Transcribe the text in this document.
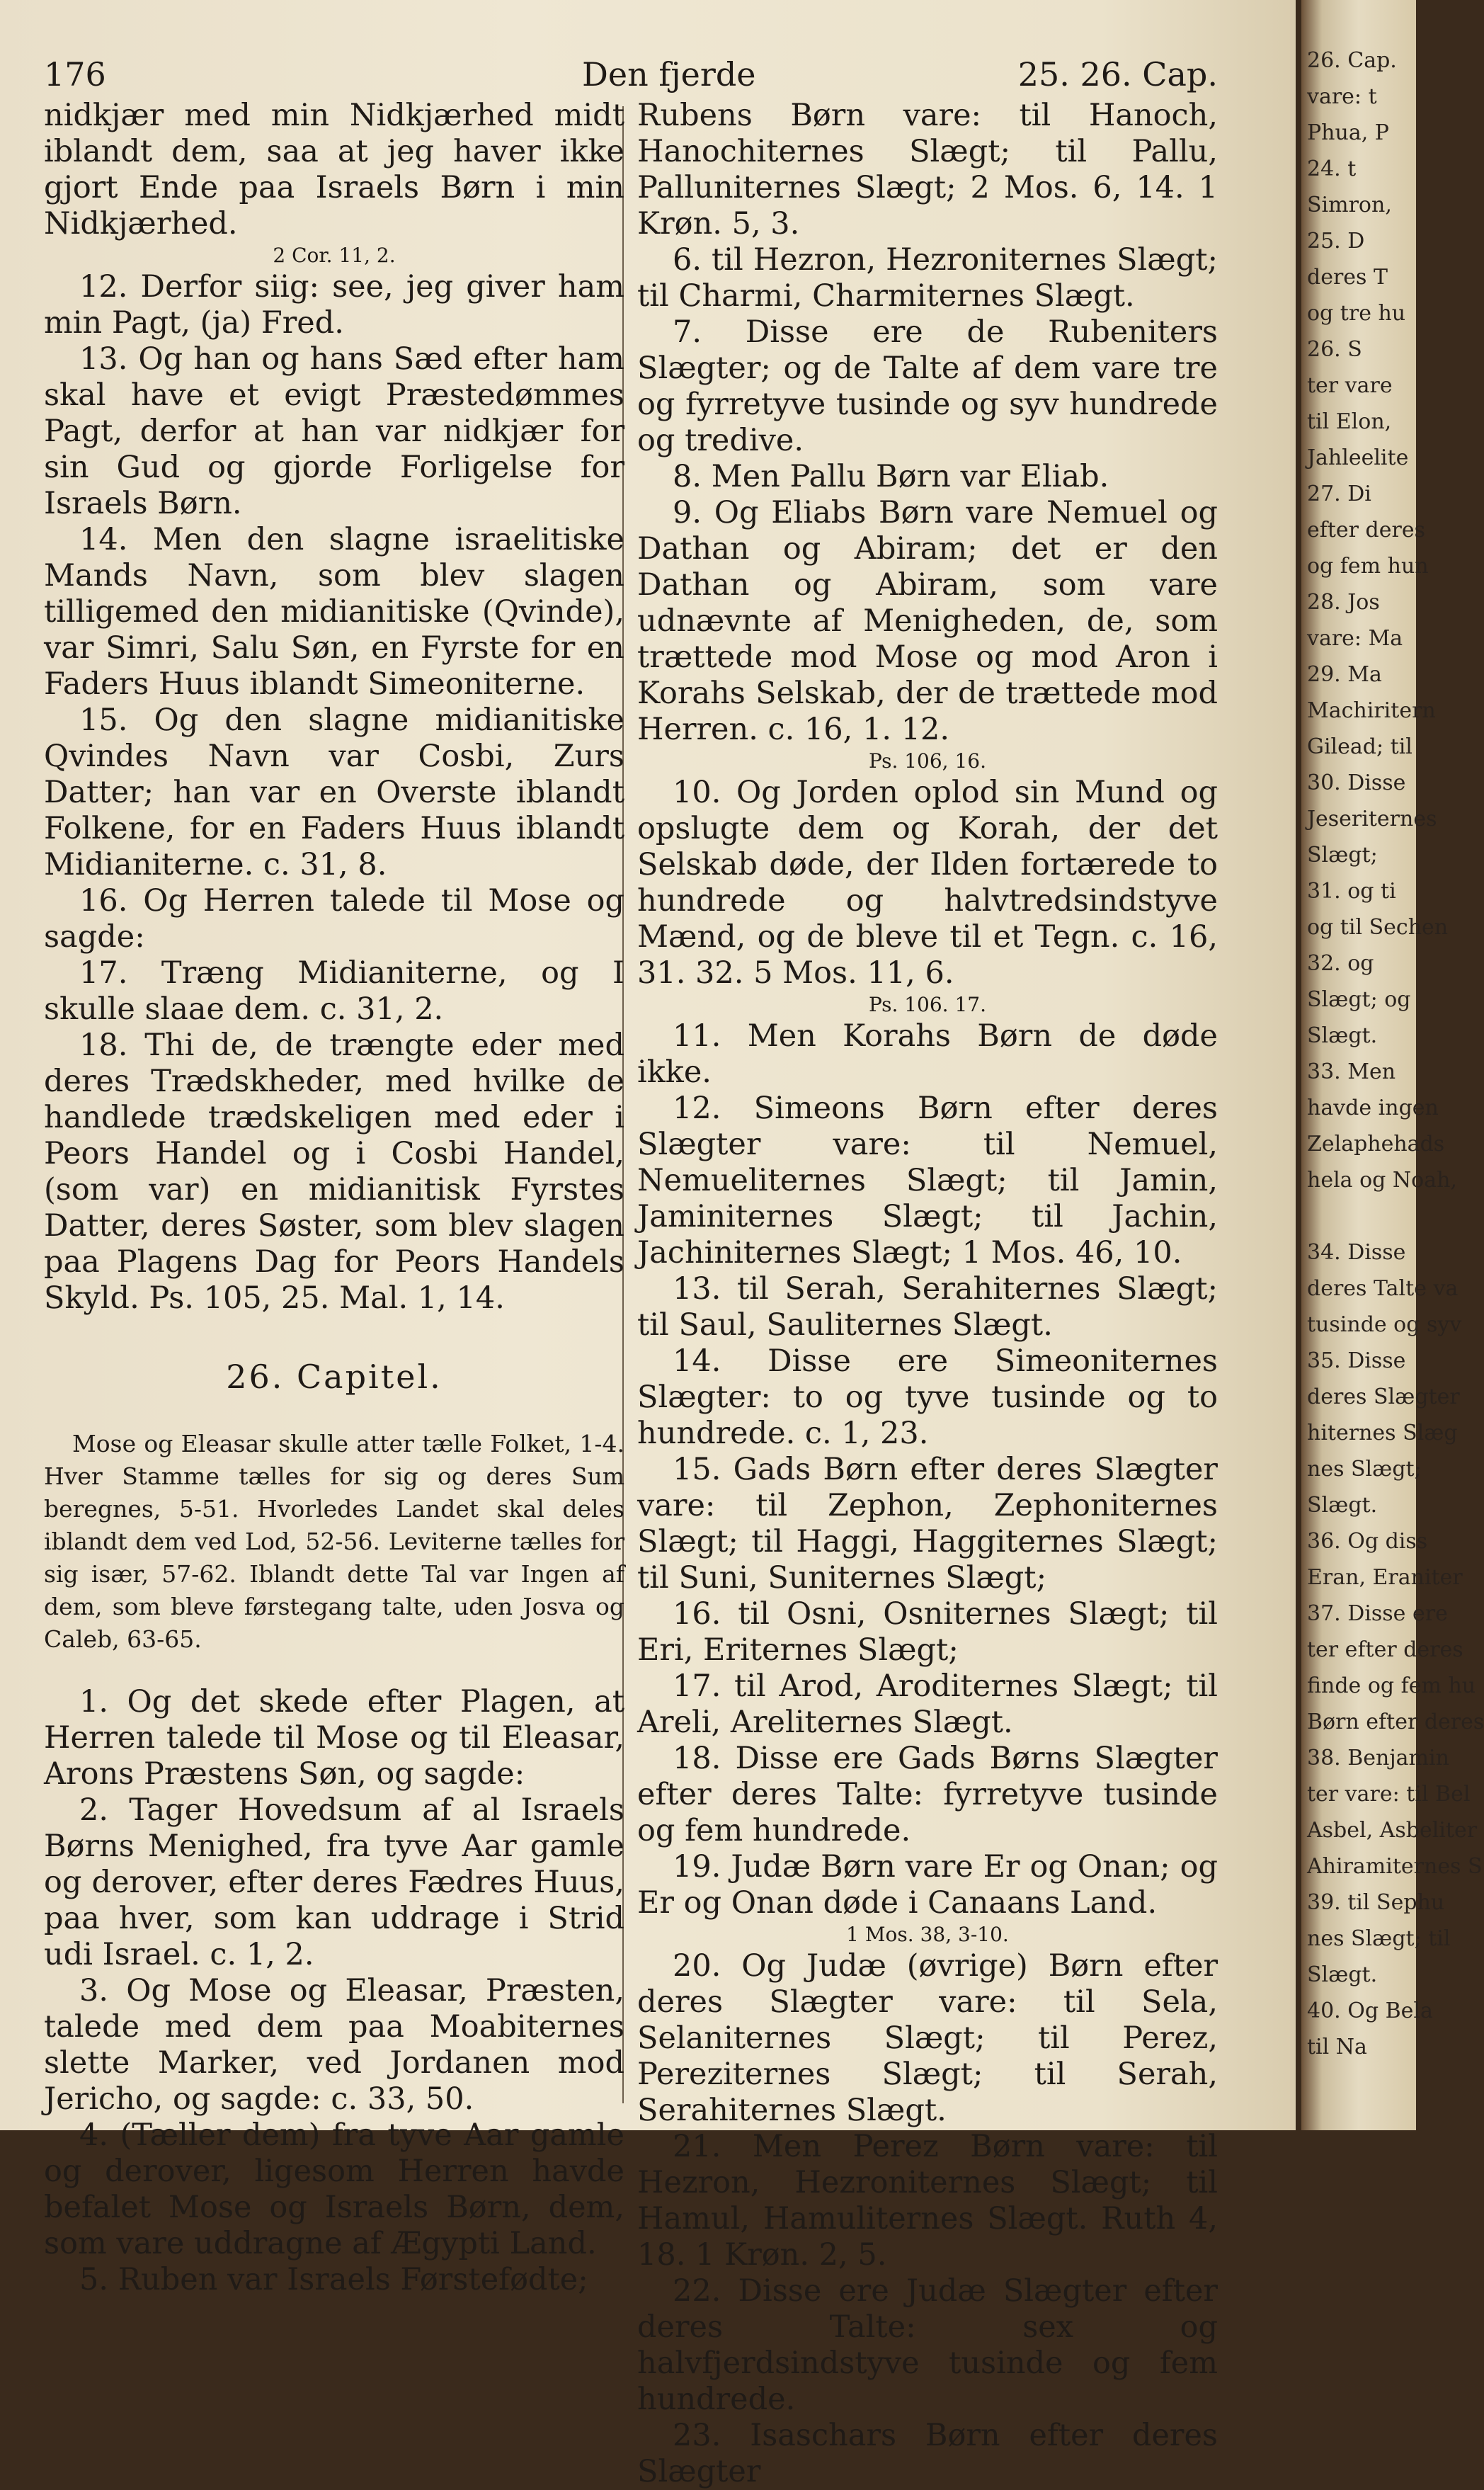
176	Den fjerde	25. 26. Cap.

nidkjær med min Nidkjærhed midt iblandt dem, saa at jeg haver ikke gjort Ende paa Israels Børn i min Nidkjærhed.

2 Cor. 11, 2.

12. Derfor siig: see, jeg giver ham min Pagt, (ja) Fred.

13. Og han og hans Sæd efter ham skal have et evigt Præstedømmes Pagt, derfor at han var nidkjær for sin Gud og gjorde Forligelse for Israels Børn.

14. Men den slagne israelitiske Mands Navn, som blev slagen tilligemed den midianitiske (Qvinde), var Simri, Salu Søn, en Fyrste for en Faders Huus iblandt Simeoniterne.

15. Og den slagne midianitiske Qvindes Navn var Cosbi, Zurs Datter; han var en Overste iblandt Folkene, for en Faders Huus iblandt Midianiterne. c. 31, 8.

16. Og Herren talede til Mose og sagde:

17. Træng Midianiterne, og I skulle slaae dem. c. 31, 2.

18. Thi de, de trængte eder med deres Trædskheder, med hvilke de handlede trædskeligen med eder i Peors Handel og i Cosbi Handel, (som var) en midianitisk Fyrstes Datter, deres Søster, som blev slagen paa Plagens Dag for Peors Handels Skyld. Ps. 105, 25. Mal. 1, 14.

26. Capitel.

Mose og Eleasar skulle atter tælle Folket, 1-4. Hver Stamme tælles for sig og deres Sum beregnes, 5-51. Hvorledes Landet skal deles iblandt dem ved Lod, 52-56. Leviterne tælles for sig især, 57-62. Iblandt dette Tal var Ingen af dem, som bleve førstegang talte, uden Josva og Caleb, 63-65.

1. Og det skede efter Plagen, at Herren talede til Mose og til Eleasar, Arons Præstens Søn, og sagde:

2. Tager Hovedsum af al Israels Børns Menighed, fra tyve Aar gamle og derover, efter deres Fædres Huus, paa hver, som kan uddrage i Strid udi Israel. c. 1, 2.

3. Og Mose og Eleasar, Præsten, talede med dem paa Moabiternes slette Marker, ved Jordanen mod Jericho, og sagde: c. 33, 50.

4. (Tæller dem) fra tyve Aar gamle og derover, ligesom Herren havde befalet Mose og Israels Børn, dem, som vare uddragne af Ægypti Land.

5. Ruben var Israels Førstefødte;

Rubens Børn vare: til Hanoch, Hanochiternes Slægt; til Pallu, Palluniternes Slægt; 2 Mos. 6, 14. 1 Krøn. 5, 3.

6. til Hezron, Hezroniternes Slægt; til Charmi, Charmiternes Slægt.

7. Disse ere de Rubeniters Slægter; og de Talte af dem vare tre og fyrretyve tusinde og syv hundrede og tredive.

8. Men Pallu Børn var Eliab.

9. Og Eliabs Børn vare Nemuel og Dathan og Abiram; det er den Dathan og Abiram, som vare udnævnte af Menigheden, de, som trættede mod Mose og mod Aron i Korahs Selskab, der de trættede mod Herren. c. 16, 1. 12.

Ps. 106, 16.

10. Og Jorden oplod sin Mund og opslugte dem og Korah, der det Selskab døde, der Ilden fortærede to hundrede og halvtredsindstyve Mænd, og de bleve til et Tegn. c. 16, 31. 32. 5 Mos. 11, 6.

Ps. 106. 17.

11. Men Korahs Børn de døde ikke.

12. Simeons Børn efter deres Slægter vare: til Nemuel, Nemueliternes Slægt; til Jamin, Jaminiternes Slægt; til Jachin, Jachiniternes Slægt; 1 Mos. 46, 10.

13. til Serah, Serahiternes Slægt; til Saul, Sauliternes Slægt.

14. Disse ere Simeoniternes Slægter: to og tyve tusinde og to hundrede. c. 1, 23.

15. Gads Børn efter deres Slægter vare: til Zephon, Zephoniternes Slægt; til Haggi, Haggiternes Slægt; til Suni, Suniternes Slægt;

16. til Osni, Osniternes Slægt; til Eri, Eriternes Slægt;

17. til Arod, Aroditernes Slægt; til Areli, Areliternes Slægt.

18. Disse ere Gads Børns Slægter efter deres Talte: fyrretyve tusinde og fem hundrede.

19. Judæ Børn vare Er og Onan; og Er og Onan døde i Canaans Land.

1 Mos. 38, 3-10.

20. Og Judæ (øvrige) Børn efter deres Slægter vare: til Sela, Selaniternes Slægt; til Perez, Pereziternes Slægt; til Serah, Serahiternes Slægt.

21. Men Perez Børn vare: til Hezron, Hezroniternes Slægt; til Hamul, Hamuliternes Slægt. Ruth 4, 18. 1 Krøn. 2, 5.

22. Disse ere Judæ Slægter efter deres Talte: sex og halvfjerdsindstyve tusinde og fem hundrede.

23. Isaschars Børn efter deres Slægter

26. Cap.
vare: t
Phua, P
24. t
Simron,
25. D
deres T
og tre hu
26. S
ter vare
til Elon,
Jahleelite
27. Di
efter deres
og fem hun
28. Jos
vare: Ma
29. Ma
Machiritern
Gilead; til
30. Disse
Jeseriternes
Slægt;
31. og ti
og til Sechen
32. og
Slægt; og
Slægt.
33. Men
havde ingen
Zelaphehads
hela og Noah,

34. Disse
deres Talte va
tusinde og syv
35. Disse
deres Slægter
hiternes Slæg
nes Slægt;
Slægt.
36. Og diss
Eran, Eraniter
37. Disse ere
ter efter deres
finde og fem hu
Børn efter deres
38. Benjamin
ter vare: til Bel
Asbel, Asbeliter
Ahiramiternes S
39. til Sephu
nes Slægt; til
Slægt.
40. Og Bela
til Na
